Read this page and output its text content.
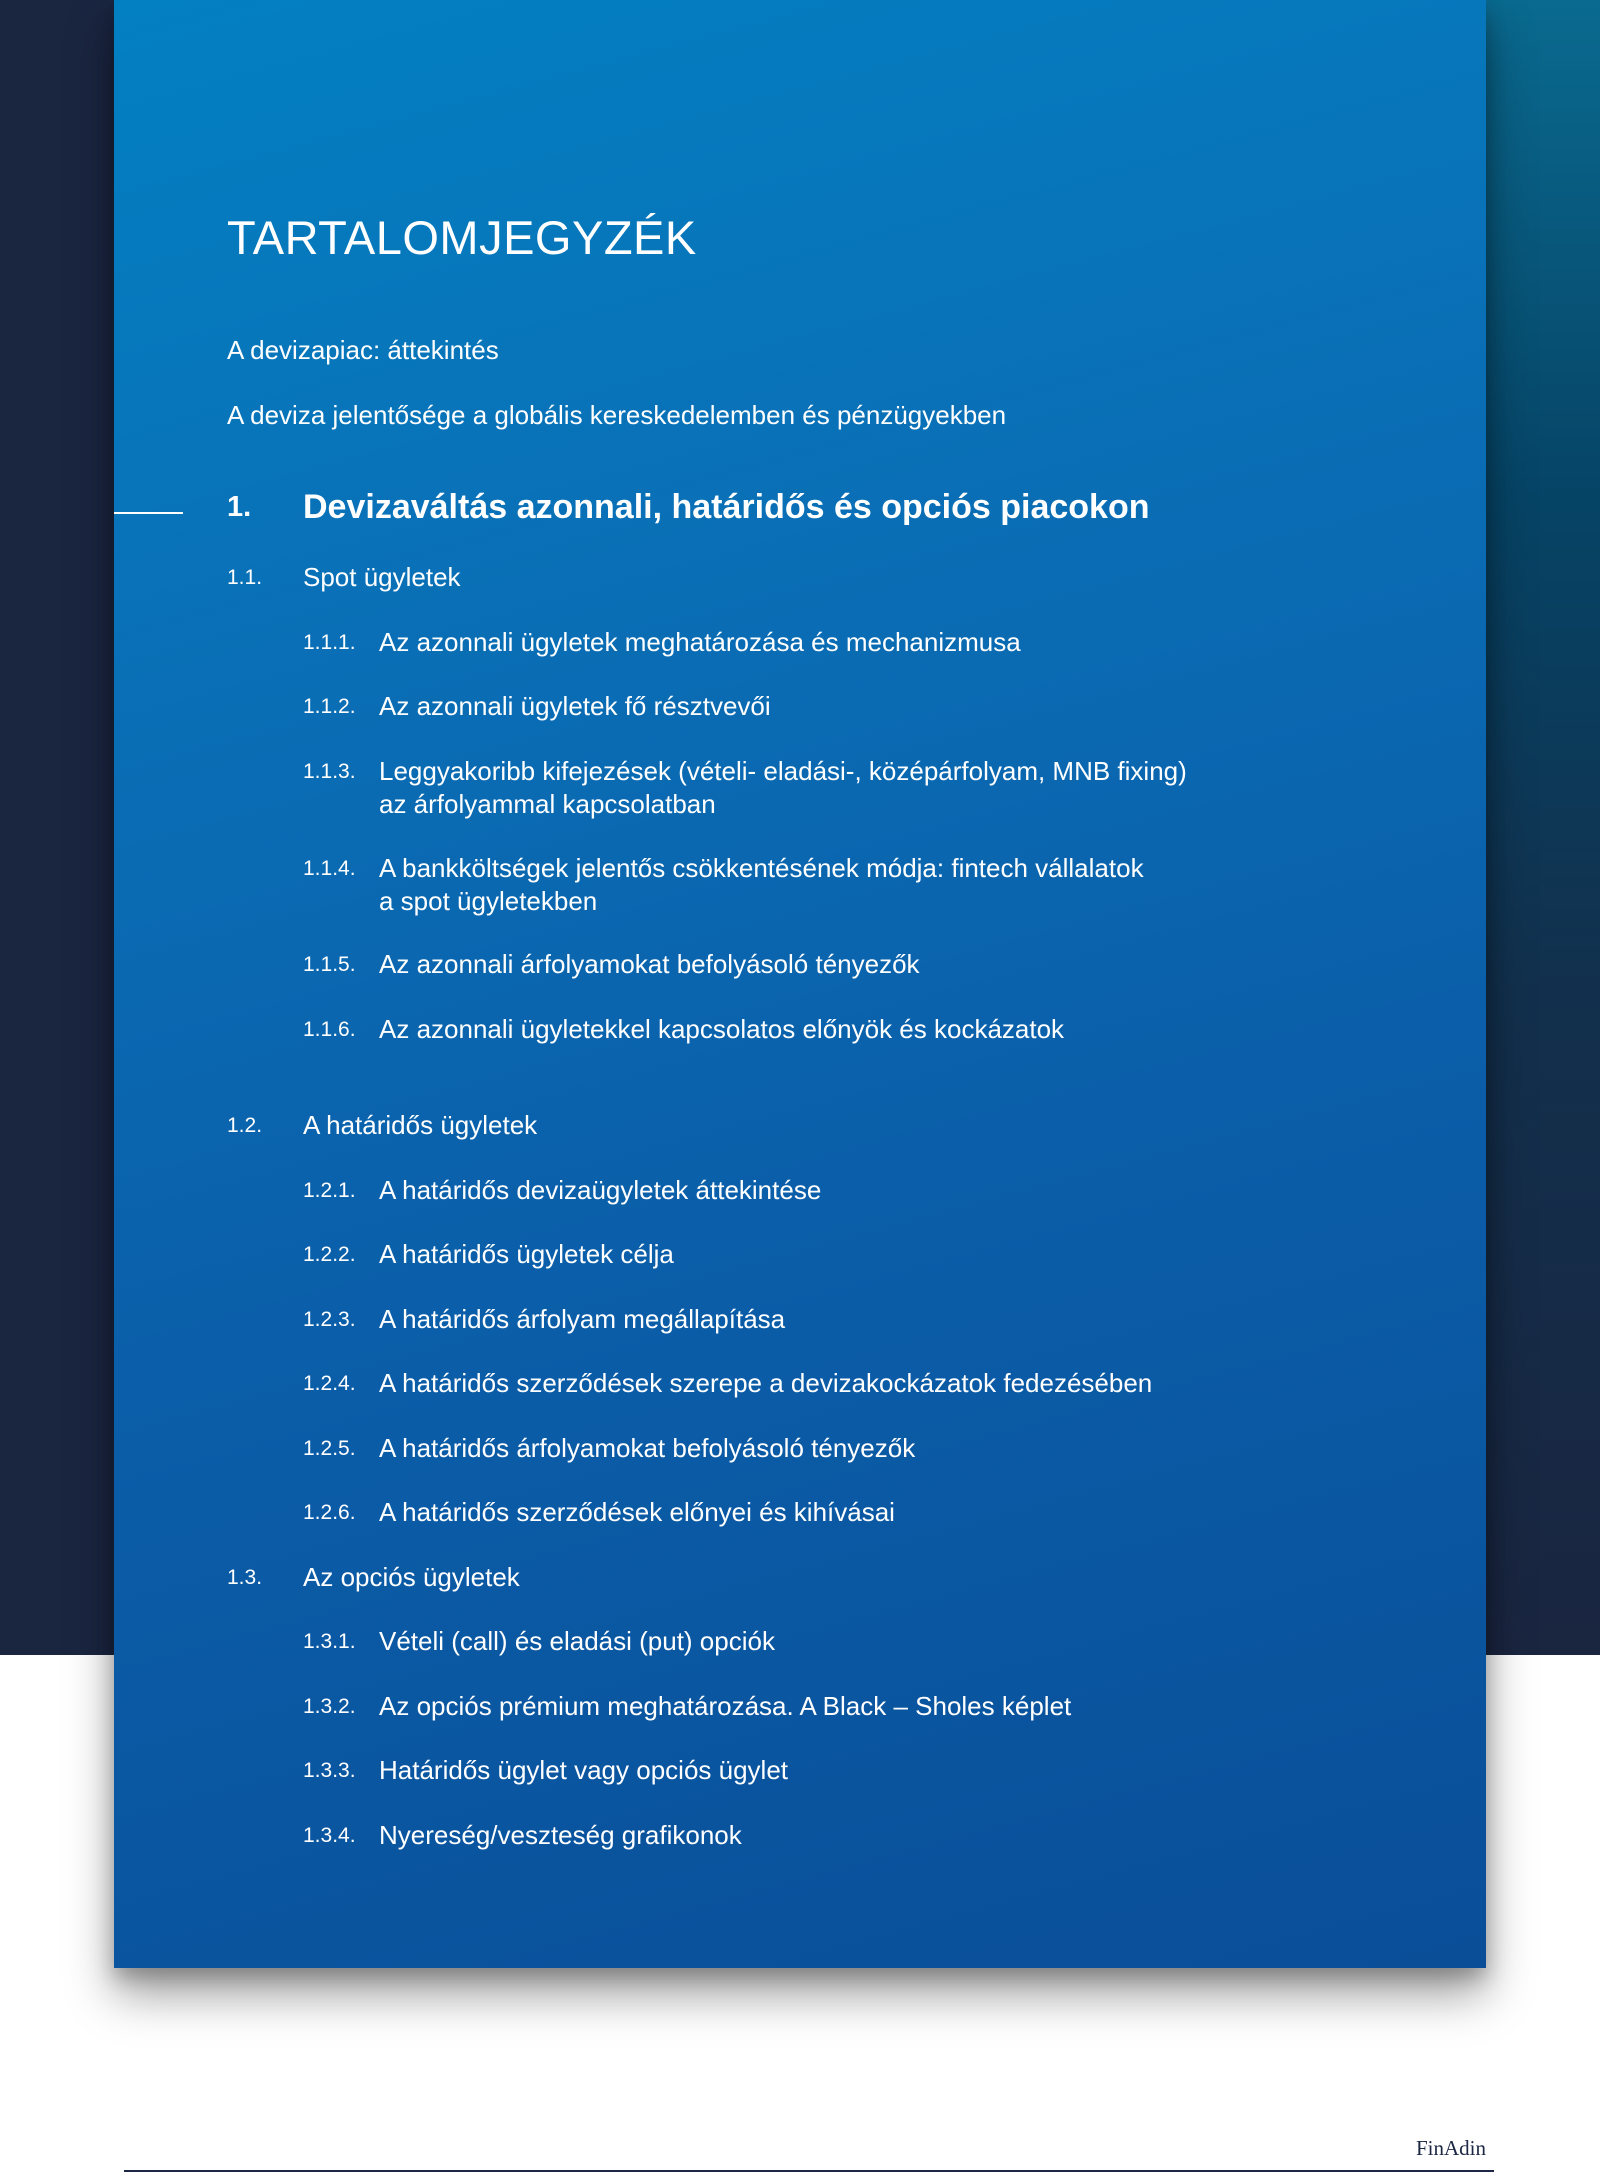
TARTALOMJEGYZÉK

A devizapiac: áttekintés

A deviza jelentősége a globális kereskedelemben és pénzügyekben

1. Devizaváltás azonnali, határidős és opciós piacokon
1.1.	Spot ügyletek
1.1.1. Az azonnali ügyletek meghatározása és mechanizmusa
1.1.2. Az azonnali ügyletek fő résztvevői
1.1.3. Leggyakoribb kifejezések (vételi- eladási-, középárfolyam, MNB fixing)
az árfolyammal kapcsolatban
1.1.4. A bankköltségek jelentős csökkentésének módja: fintech vállalatok
a spot ügyletekben
1.1.5. Az azonnali árfolyamokat befolyásoló tényezők
1.1.6. Az azonnali ügyletekkel kapcsolatos előnyök és kockázatok
1.2.	A határidős ügyletek
1.2.1. A határidős devizaügyletek áttekintése
1.2.2. A határidős ügyletek célja
1.2.3. A határidős árfolyam megállapítása
1.2.4. A határidős szerződések szerepe a devizakockázatok fedezésében
1.2.5. A határidős árfolyamokat befolyásoló tényezők
1.2.6. A határidős szerződések előnyei és kihívásai
1.3.	Az opciós ügyletek
1.3.1. Vételi (call) és eladási (put) opciók
1.3.2. Az opciós prémium meghatározása. A Black – Sholes képlet
1.3.3. Határidős ügylet vagy opciós ügylet
1.3.4. Nyereség/veszteség grafikonok
FinAdin
